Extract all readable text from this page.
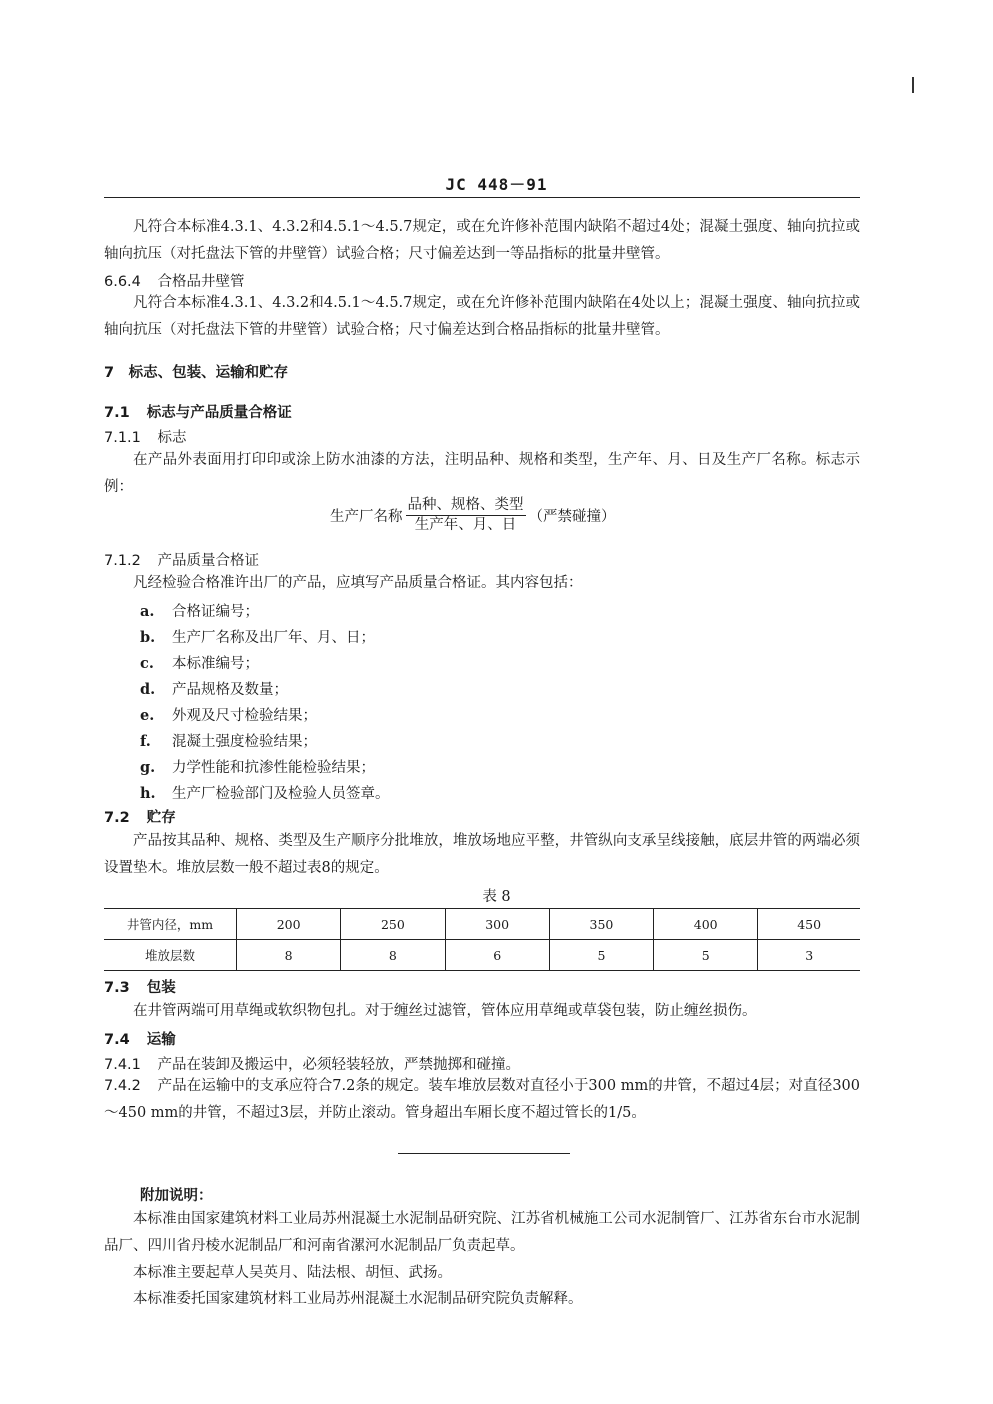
JC 448－91
凡符合本标准4.3.1、4.3.2和4.5.1～4.5.7规定，或在允许修补范围内缺陷不超过4处；混凝土强度、轴向抗拉或轴向抗压（对托盘法下管的井壁管）试验合格；尺寸偏差达到一等品指标的批量井壁管。
6.6.4 合格品井壁管
凡符合本标准4.3.1、4.3.2和4.5.1～4.5.7规定，或在允许修补范围内缺陷在4处以上；混凝土强度、轴向抗拉或轴向抗压（对托盘法下管的井壁管）试验合格；尺寸偏差达到合格品指标的批量井壁管。
7　标志、包装、运输和贮存
7.1 标志与产品质量合格证
7.1.1 标志
在产品外表面用打印印或涂上防水油漆的方法，注明品种、规格和类型，生产年、月、日及生产厂名称。标志示例：
生产厂名称 $\frac{\text{品种、规格、类型}}{\text{生产年、月、日}}$ （严禁碰撞）
7.1.2 产品质量合格证
凡经检验合格准许出厂的产品，应填写产品质量合格证。其内容包括：
a. 合格证编号；
b. 生产厂名称及出厂年、月、日；
c. 本标准编号；
d. 产品规格及数量；
e. 外观及尺寸检验结果；
f. 混凝土强度检验结果；
g. 力学性能和抗渗性能检验结果；
h. 生产厂检验部门及检验人员签章。
7.2 贮存
产品按其品种、规格、类型及生产顺序分批堆放，堆放场地应平整，井管纵向支承呈线接触，底层井管的两端必须设置垫木。堆放层数一般不超过表8的规定。
表 8
井管内径，mm	200	250	300	350	400	450
堆放层数	8	8	6	5	5	3
7.3 包装
在井管两端可用草绳或软织物包扎。对于缠丝过滤管，管体应用草绳或草袋包装，防止缠丝损伤。
7.4 运输
7.4.1 产品在装卸及搬运中，必须轻装轻放，严禁抛掷和碰撞。
7.4.2 产品在运输中的支承应符合7.2条的规定。装车堆放层数对直径小于300 mm的井管，不超过4层；对直径300～450 mm的井管，不超过3层，并防止滚动。管身超出车厢长度不超过管长的1/5。
附加说明：
本标准由国家建筑材料工业局苏州混凝土水泥制品研究院、江苏省机械施工公司水泥制管厂、江苏省东台市水泥制品厂、四川省丹棱水泥制品厂和河南省漯河水泥制品厂负责起草。
本标准主要起草人吴英月、陆法根、胡恒、武扬。
本标准委托国家建筑材料工业局苏州混凝土水泥制品研究院负责解释。
